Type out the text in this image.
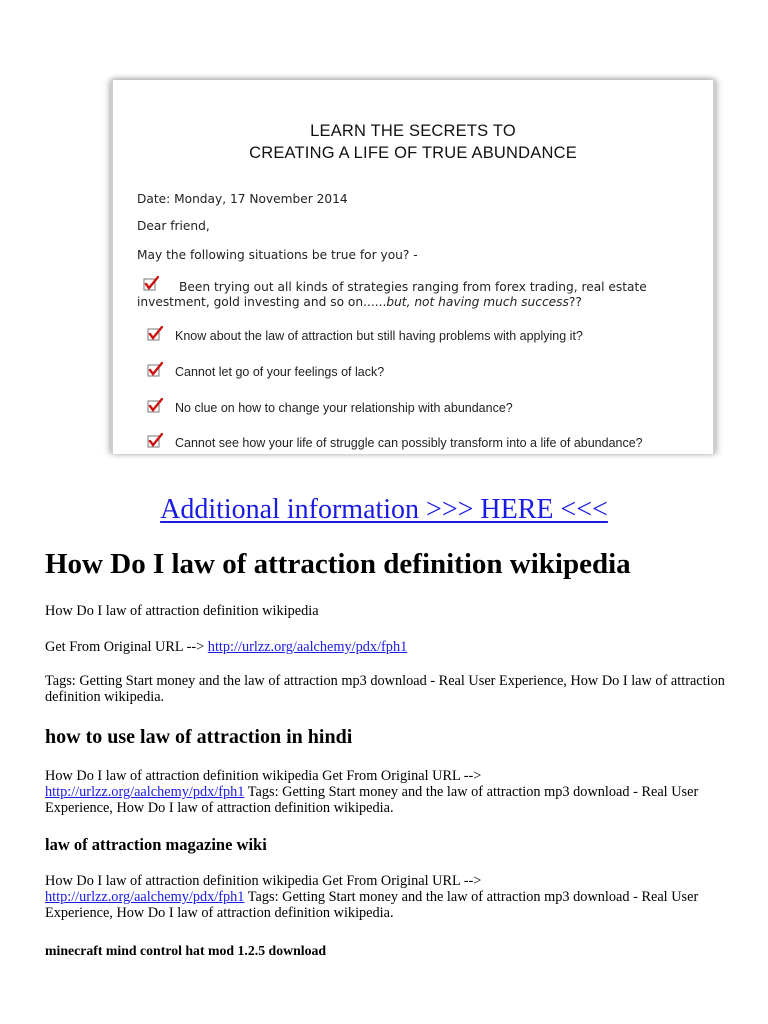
LEARN THE SECRETS TO
CREATING A LIFE OF TRUE ABUNDANCE
Date: Monday, 17 November 2014
Dear friend,
May the following situations be true for you? -
Been trying out all kinds of strategies ranging from forex trading, real estate
investment, gold investing and so on......but, not having much success??
Know about the law of attraction but still having problems with applying it?
Cannot let go of your feelings of lack?
No clue on how to change your relationship with abundance?
Cannot see how your life of struggle can possibly transform into a life of abundance?
Additional information >>> HERE <<<
How Do I law of attraction definition wikipedia

How Do I law of attraction definition wikipedia

Get From Original URL --> http://urlzz.org/aalchemy/pdx/fph1

Tags: Getting Start money and the law of attraction mp3 download - Real User Experience, How Do I law of attraction definition wikipedia.

how to use law of attraction in hindi

How Do I law of attraction definition wikipedia Get From Original URL -->
http://urlzz.org/aalchemy/pdx/fph1 Tags: Getting Start money and the law of attraction mp3 download - Real User Experience, How Do I law of attraction definition wikipedia.

law of attraction magazine wiki

How Do I law of attraction definition wikipedia Get From Original URL -->
http://urlzz.org/aalchemy/pdx/fph1 Tags: Getting Start money and the law of attraction mp3 download - Real User Experience, How Do I law of attraction definition wikipedia.

minecraft mind control hat mod 1.2.5 download
